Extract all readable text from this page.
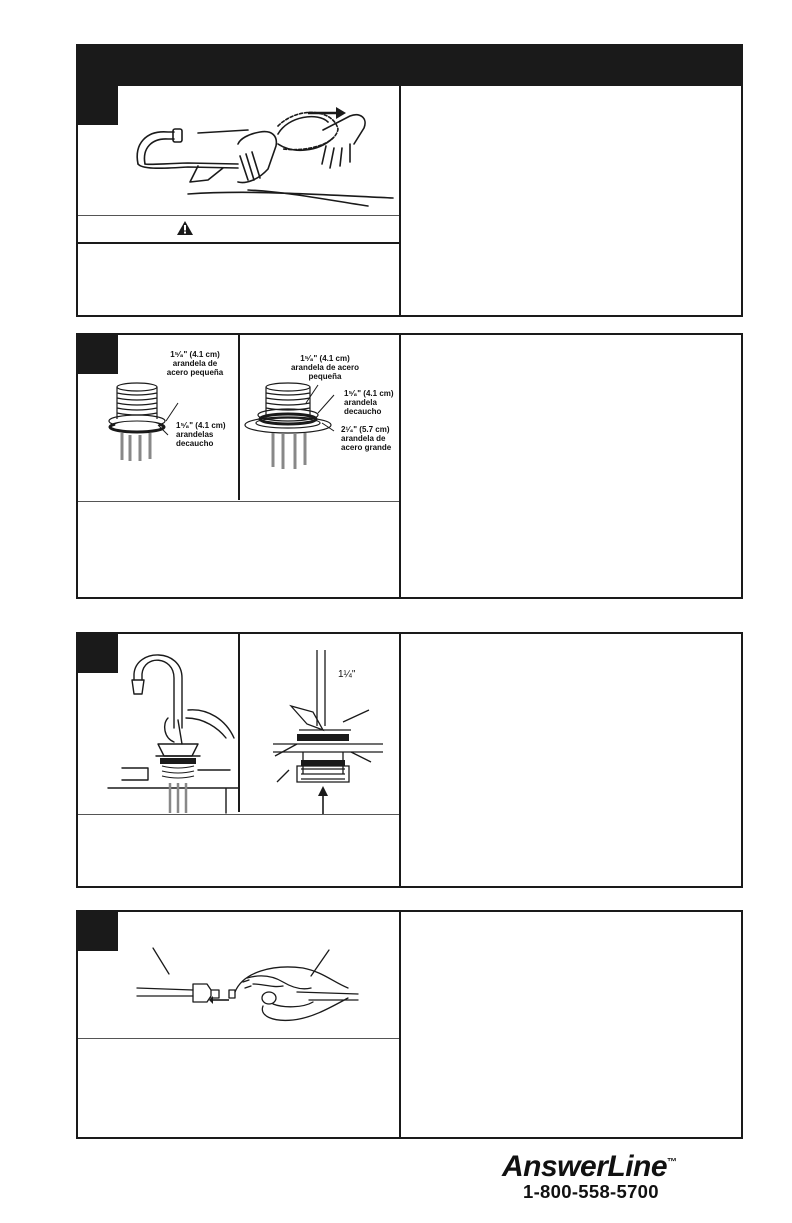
1⁵⁄₈" (4.1 cm) arandela de acero pequeña
1⁵⁄₈" (4.1 cm) arandelas decaucho
1⁵⁄₈" (4.1 cm) arandela de acero pequeña
1⁵⁄₈" (4.1 cm) arandela decaucho
2¹⁄₄" (5.7 cm) arandela de acero grande
1¼"
AnswerLine™
1-800-558-5700
